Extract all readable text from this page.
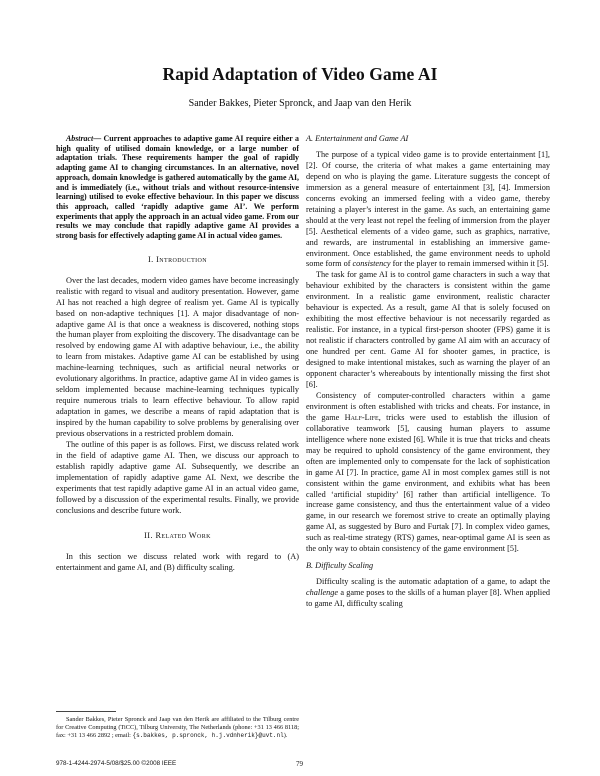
Rapid Adaptation of Video Game AI
Sander Bakkes, Pieter Spronck, and Jaap van den Herik

Abstract— Current approaches to adaptive game AI require either a high quality of utilised domain knowledge, or a large number of adaptation trials. These requirements hamper the goal of rapidly adapting game AI to changing circumstances. In an alternative, novel approach, domain knowledge is gathered automatically by the game AI, and is immediately (i.e., without trials and without resource-intensive learning) utilised to evoke effective behaviour. In this paper we discuss this approach, called ‘rapidly adaptive game AI’. We perform experiments that apply the approach in an actual video game. From our results we may conclude that rapidly adaptive game AI provides a strong basis for effectively adapting game AI in actual video games.

I. Introduction

Over the last decades, modern video games have become increasingly realistic with regard to visual and auditory presentation. However, game AI has not reached a high degree of realism yet. Game AI is typically based on non-adaptive techniques [1]. A major disadvantage of non-adaptive game AI is that once a weakness is discovered, nothing stops the human player from exploiting the discovery. The disadvantage can be resolved by endowing game AI with adaptive behaviour, i.e., the ability to learn from mistakes. Adaptive game AI can be established by using machine-learning techniques, such as artificial neural networks or evolutionary algorithms. In practice, adaptive game AI in video games is seldom implemented because machine-learning techniques typically require numerous trials to learn effective behaviour. To allow rapid adaptation in games, we describe a means of rapid adaptation that is inspired by the human capability to solve problems by generalising over previous observations in a restricted problem domain.

The outline of this paper is as follows. First, we discuss related work in the field of adaptive game AI. Then, we discuss our approach to establish rapidly adaptive game AI. Subsequently, we describe an implementation of rapidly adaptive game AI. Next, we describe the experiments that test rapidly adaptive game AI in an actual video game, followed by a discussion of the experimental results. Finally, we provide conclusions and describe future work.

II. Related Work

In this section we discuss related work with regard to (A) entertainment and game AI, and (B) difficulty scaling.

Sander Bakkes, Pieter Spronck and Jaap van den Herik are affiliated to the Tilburg centre for Creative Computing (TiCC), Tilburg University, The Netherlands (phone: +31 13 466 8118; fax: +31 13 466 2892 ; email: {s.bakkes, p.spronck, h.j.vdnherik}@uvt.nl).
A. Entertainment and Game AI

The purpose of a typical video game is to provide entertainment [1], [2]. Of course, the criteria of what makes a game entertaining may depend on who is playing the game. Literature suggests the concept of immersion as a general measure of entertainment [3], [4]. Immersion concerns evoking an immersed feeling with a video game, thereby retaining a player’s interest in the game. As such, an entertaining game should at the very least not repel the feeling of immersion from the player [5]. Aesthetical elements of a video game, such as graphics, narrative, and rewards, are instrumental in establishing an immersive game-environment. Once established, the game environment needs to uphold some form of consistency for the player to remain immersed within it [5].

The task for game AI is to control game characters in such a way that behaviour exhibited by the characters is consistent within the game environment. In a realistic game environment, realistic character behaviour is expected. As a result, game AI that is solely focused on exhibiting the most effective behaviour is not necessarily regarded as realistic. For instance, in a typical first-person shooter (FPS) game it is not realistic if characters controlled by game AI aim with an accuracy of one hundred per cent. Game AI for shooter games, in practice, is designed to make intentional mistakes, such as warning the player of an opponent character’s whereabouts by intentionally missing the first shot [6].

Consistency of computer-controlled characters within a game environment is often established with tricks and cheats. For instance, in the game Half-Life, tricks were used to establish the illusion of collaborative teamwork [5], causing human players to assume intelligence where none existed [6]. While it is true that tricks and cheats may be required to uphold consistency of the game environment, they often are implemented only to compensate for the lack of sophistication in game AI [7]. In practice, game AI in most complex games still is not consistent within the game environment, and exhibits what has been called ‘artificial stupidity’ [6] rather than artificial intelligence. To increase game consistency, and thus the entertainment value of a video game, in our research we foremost strive to create an optimally playing game AI, as suggested by Buro and Furtak [7]. In complex video games, such as real-time strategy (RTS) games, near-optimal game AI is seen as the only way to obtain consistency of the game environment [5].

B. Difficulty Scaling

Difficulty scaling is the automatic adaptation of a game, to adapt the challenge a game poses to the skills of a human player [8]. When applied to game AI, difficulty scaling

978-1-4244-2974-5/08/$25.00 ©2008 IEEE	79
